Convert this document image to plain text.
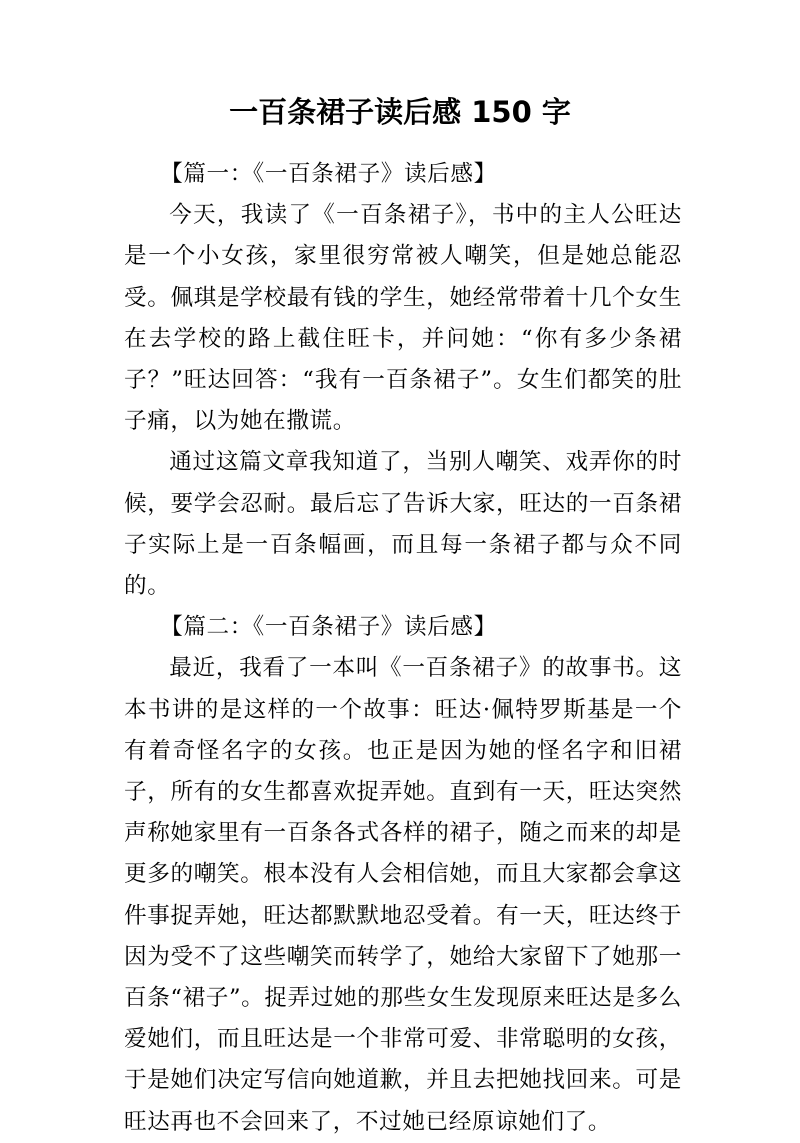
一百条裙子读后感 150 字

【篇一：《一百条裙子》读后感】

今天，我读了《一百条裙子》，书中的主人公旺达是一个小女孩，家里很穷常被人嘲笑，但是她总能忍受。佩琪是学校最有钱的学生，她经常带着十几个女生在去学校的路上截住旺卡，并问她：“你有多少条裙子？”旺达回答：“我有一百条裙子”。女生们都笑的肚子痛，以为她在撒谎。

通过这篇文章我知道了，当别人嘲笑、戏弄你的时候，要学会忍耐。最后忘了告诉大家，旺达的一百条裙子实际上是一百条幅画，而且每一条裙子都与众不同的。

【篇二：《一百条裙子》读后感】

最近，我看了一本叫《一百条裙子》的故事书。这本书讲的是这样的一个故事：旺达·佩特罗斯基是一个有着奇怪名字的女孩。也正是因为她的怪名字和旧裙子，所有的女生都喜欢捉弄她。直到有一天，旺达突然声称她家里有一百条各式各样的裙子，随之而来的却是更多的嘲笑。根本没有人会相信她，而且大家都会拿这件事捉弄她，旺达都默默地忍受着。有一天，旺达终于因为受不了这些嘲笑而转学了，她给大家留下了她那一百条“裙子”。捉弄过她的那些女生发现原来旺达是多么爱她们，而且旺达是一个非常可爱、非常聪明的女孩，于是她们决定写信向她道歉，并且去把她找回来。可是旺达再也不会回来了，不过她已经原谅她们了。
